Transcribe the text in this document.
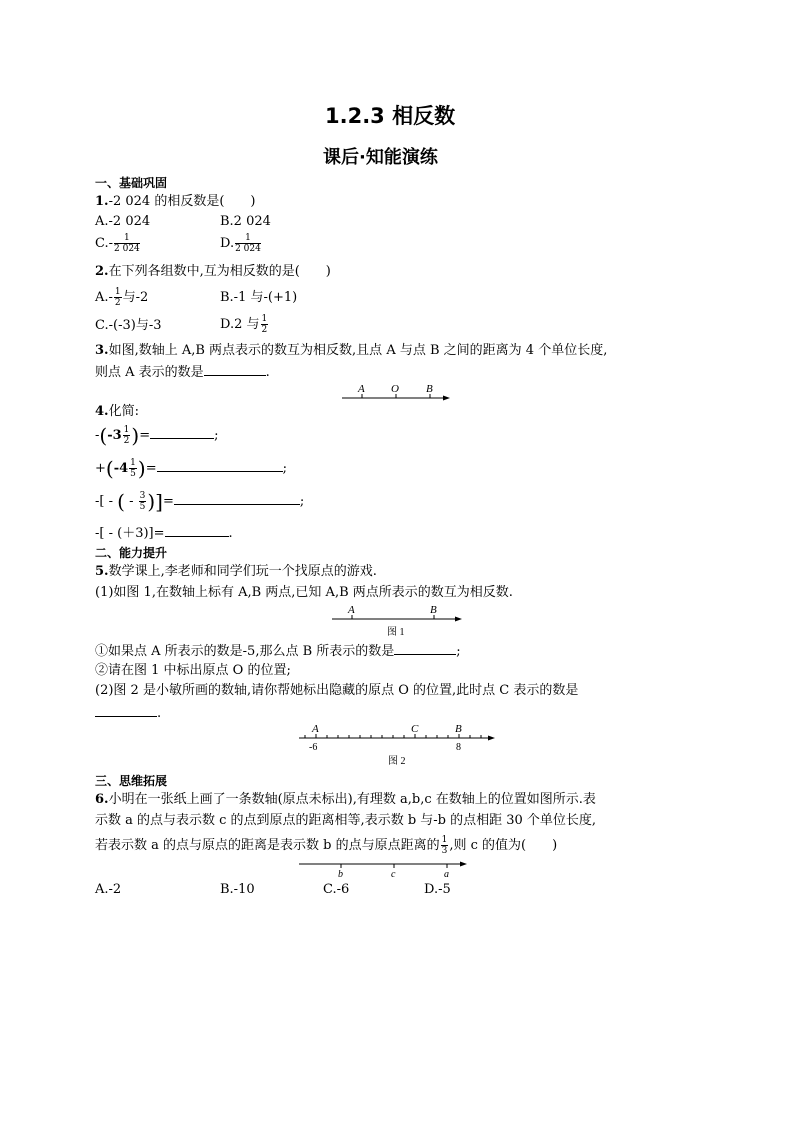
1.2.3 相反数
课后·知能演练
一、基础巩固
1.-2 024 的相反数是(　　)
A.-2 024	B.2 024
$C.- \frac{1}{2 024}$	D. $\frac{1}{2 024}$
2.在下列各组数中,互为相反数的是(　　)
$A.- \frac{1}{2}$ 与-2	B.-1 与-(+1)
C.-(-3)与-3	D.2 与 $\frac{1}{2}$
3.如图,数轴上 A,B 两点表示的数互为相反数,且点 A 与点 B 之间的距离为 4 个单位长度,
则点 A 表示的数是	.
A O B
4.化简:
$-(-3 \frac{1}{2}$ )=	;
$+(-4 \frac{1}{5}$ )=	;
-[ - ( - $\frac{3}{5}$ )]=	;
-[ - (＋3)]=	.
二、能力提升
5.数学课上,李老师和同学们玩一个找原点的游戏.
(1)如图 1,在数轴上标有 A,B 两点,已知 A,B 两点所表示的数互为相反数.
A	B
图 1
①如果点 A 所表示的数是-5,那么点 B 所表示的数是	;
②请在图 1 中标出原点 O 的位置;
(2)图 2 是小敏所画的数轴,请你帮她标出隐藏的原点 O 的位置,此时点 C 表示的数是
.
A	C	B
-6	8
图 2
三、思维拓展
6.小明在一张纸上画了一条数轴(原点未标出),有理数 a,b,c 在数轴上的位置如图所示.表
示数 a 的点与表示数 c 的点到原点的距离相等,表示数 b 与-b 的点相距 30 个单位长度,
若表示数 a 的点与原点的距离是表示数 b 的点与原点距离的 $\frac{1}{3}$ ,则 c 的值为(　　)
b	c	a
A.-2	B.-10	C.-6	D.-5
